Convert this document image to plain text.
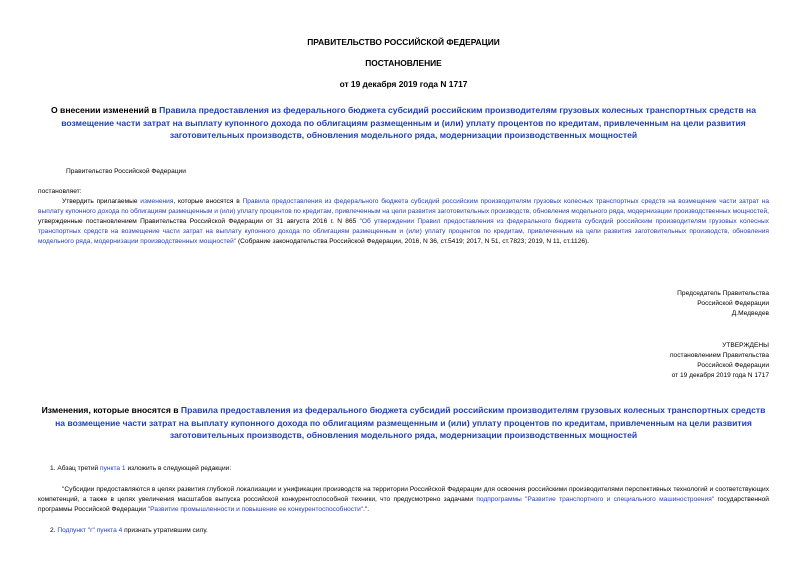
ПРАВИТЕЛЬСТВО РОССИЙСКОЙ ФЕДЕРАЦИИ
ПОСТАНОВЛЕНИЕ
от 19 декабря 2019 года N 1717
О внесении изменений в Правила предоставления из федерального бюджета субсидий российским производителям грузовых колесных транспортных средств на возмещение части затрат на выплату купонного дохода по облигациям размещенным и (или) уплату процентов по кредитам, привлеченным на цели развития заготовительных производств, обновления модельного ряда, модернизации производственных мощностей
Правительство Российской Федерации
постановляет:
Утвердить прилагаемые изменения, которые вносятся в Правила предоставления из федерального бюджета субсидий российским производителям грузовых колесных транспортных средств на возмещение части затрат на выплату купонного дохода по облигациям размещенным и (или) уплату процентов по кредитам, привлеченным на цели развития заготовительных производств, обновления модельного ряда, модернизации производственных мощностей, утвержденные постановлением Правительства Российской Федерации от 31 августа 2016 г. N 865 "Об утверждении Правил предоставления из федерального бюджета субсидий российским производителям грузовых колесных транспортных средств на возмещение части затрат на выплату купонного дохода по облигациям размещенным и (или) уплату процентов по кредитам, привлеченным на цели развития заготовительных производств, обновления модельного ряда, модернизации производственных мощностей" (Собрание законодательства Российской Федерации, 2016, N 36, ст.5419; 2017, N 51, ст.7823; 2019, N 11, ст.1126).
Председатель Правительства
Российской Федерации
Д.Медведев
УТВЕРЖДЕНЫ
постановлением Правительства
Российской Федерации
от 19 декабря 2019 года N 1717
Изменения, которые вносятся в Правила предоставления из федерального бюджета субсидий российским производителям грузовых колесных транспортных средств на возмещение части затрат на выплату купонного дохода по облигациям размещенным и (или) уплату процентов по кредитам, привлеченным на цели развития заготовительных производств, обновления модельного ряда, модернизации производственных мощностей
1. Абзац третий пункта 1 изложить в следующей редакции:
"Субсидии предоставляются в целях развития глубокой локализации и унификации производств на территории Российской Федерации для освоения российскими производителями перспективных технологий и соответствующих компетенций, а также в целях увеличения масштабов выпуска российской конкурентоспособной техники, что предусмотрено задачами подпрограммы "Развитие транспортного и специального машиностроения" государственной программы Российской Федерации "Развитие промышленности и повышение ее конкурентоспособности".".
2. Подпункт "г" пункта 4 признать утратившим силу.
